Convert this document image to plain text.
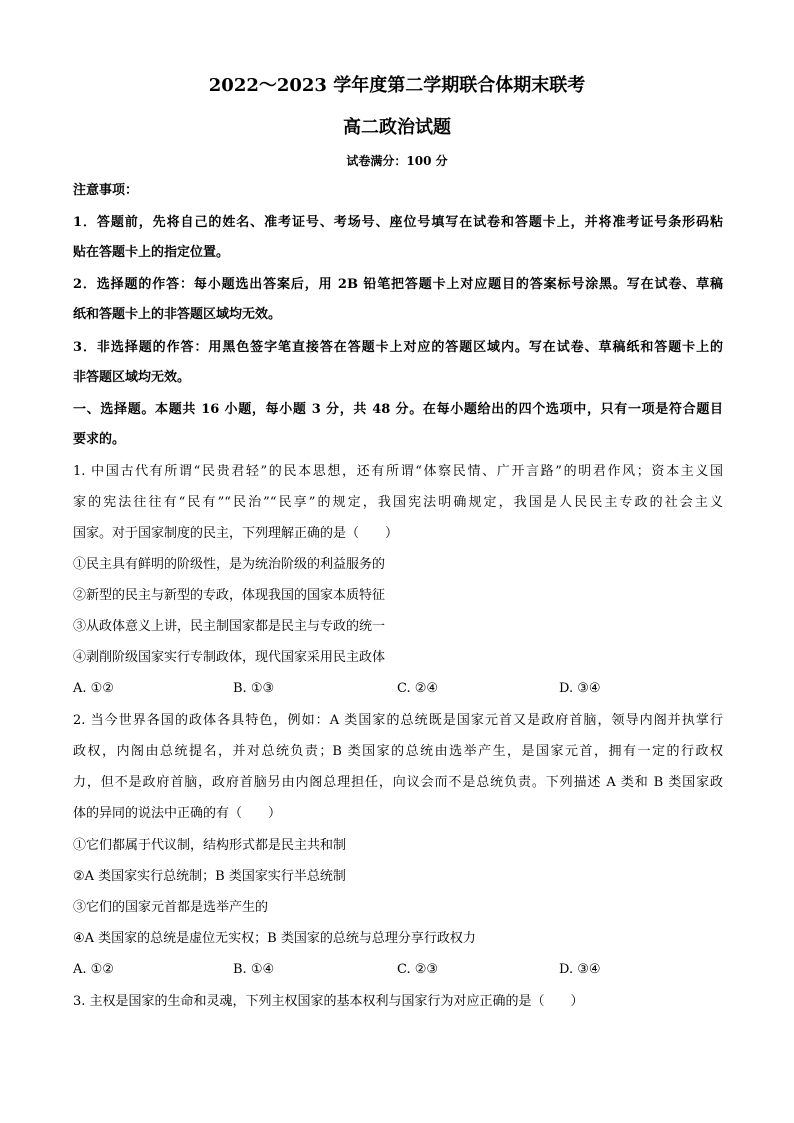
2022～2023 学年度第二学期联合体期末联考
高二政治试题
试卷满分：100 分
注意事项：
1．答题前，先将自己的姓名、准考证号、考场号、座位号填写在试卷和答题卡上，并将准考证号条形码粘
贴在答题卡上的指定位置。
2．选择题的作答：每小题选出答案后，用 2B 铅笔把答题卡上对应题目的答案标号涂黑。写在试卷、草稿
纸和答题卡上的非答题区域均无效。
3．非选择题的作答：用黑色签字笔直接答在答题卡上对应的答题区域内。写在试卷、草稿纸和答题卡上的
非答题区域均无效。
一、选择题。本题共 16 小题，每小题 3 分，共 48 分。在每小题给出的四个选项中，只有一项是符合题目
要求的。
1. 中国古代有所谓“民贵君轻”的民本思想，还有所谓“体察民情、广开言路”的明君作风；资本主义国
家的宪法往往有“民有”“民治”“民享”的规定，我国宪法明确规定，我国是人民民主专政的社会主义
国家。对于国家制度的民主，下列理解正确的是（　　）
①民主具有鲜明的阶级性，是为统治阶级的利益服务的
②新型的民主与新型的专政，体现我国的国家本质特征
③从政体意义上讲，民主制国家都是民主与专政的统一
④剥削阶级国家实行专制政体，现代国家采用民主政体
A. ①②	B. ①③	C. ②④	D. ③④
2. 当今世界各国的政体各具特色，例如：A 类国家的总统既是国家元首又是政府首脑，领导内阁并执掌行
政权，内阁由总统提名，并对总统负责；B 类国家的总统由选举产生，是国家元首，拥有一定的行政权
力，但不是政府首脑，政府首脑另由内阁总理担任，向议会而不是总统负责。下列描述 A 类和 B 类国家政
体的异同的说法中正确的有（　　）
①它们都属于代议制，结构形式都是民主共和制
②A 类国家实行总统制；B 类国家实行半总统制
③它们的国家元首都是选举产生的
④A 类国家的总统是虚位无实权；B 类国家的总统与总理分享行政权力
A. ①②	B. ①④	C. ②③	D. ③④
3. 主权是国家的生命和灵魂，下列主权国家的基本权利与国家行为对应正确的是（　　）
